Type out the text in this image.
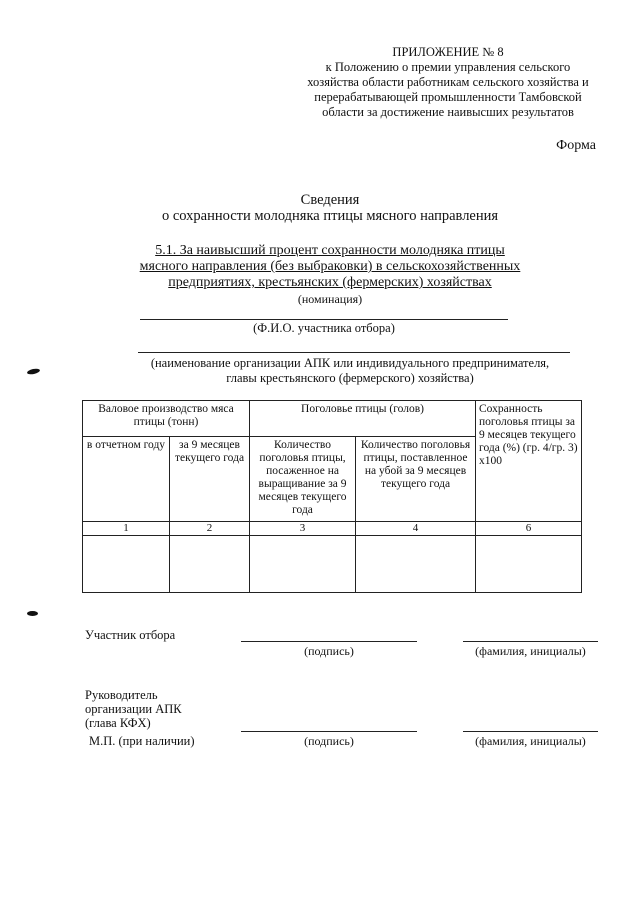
ПРИЛОЖЕНИЕ № 8
к Положению о премии управления сельского
хозяйства области работникам сельского хозяйства и
перерабатывающей промышленности Тамбовской
области за достижение наивысших результатов
Форма
Сведения
о сохранности молодняка птицы мясного направления
5.1. За наивысший процент сохранности молодняка птицы
мясного направления (без выбраковки) в сельскохозяйственных
предприятиях, крестьянских (фермерских) хозяйствах
(номинация)
(Ф.И.О. участника отбора)
(наименование организации АПК или индивидуального предпринимателя,
главы крестьянского (фермерского) хозяйства)
Валовое производство мяса птицы (тонн)		Поголовье птицы (голов)		Сохранность поголовья птицы за 9 месяцев текущего года (%) (гр. 4/гр. 3) х100
в отчетном году	за 9 месяцев текущего года	Количество поголовья птицы, посаженное на выращивание за 9 месяцев текущего года	Количество поголовья птицы, поставленное на убой за 9 месяцев текущего года	
1	2	3	4	6

Участник отбора
(подпись)	(фамилия, инициалы)
Руководитель
организации АПК
(глава КФХ)
М.П. (при наличии)	(подпись)	(фамилия, инициалы)
